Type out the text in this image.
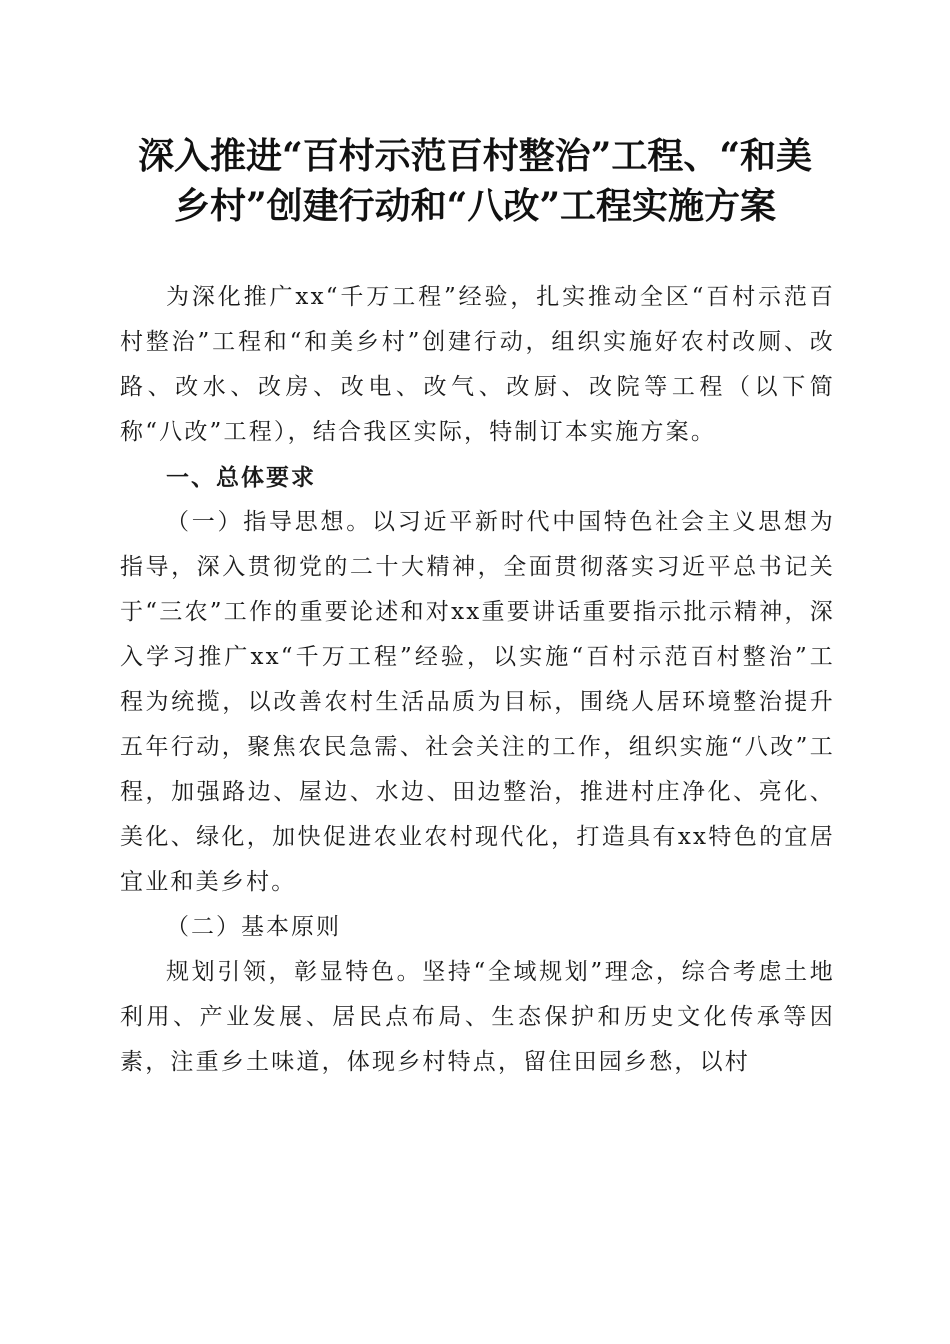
深入推进“百村示范百村整治”工程、“和美
乡村”创建行动和“八改”工程实施方案

为深化推广xx“千万工程”经验，扎实推动全区“百村示范百村整治”工程和“和美乡村”创建行动，组织实施好农村改厕、改路、改水、改房、改电、改气、改厨、改院等工程（以下简称“八改”工程），结合我区实际，特制订本实施方案。

一、总体要求

（一）指导思想。以习近平新时代中国特色社会主义思想为指导，深入贯彻党的二十大精神，全面贯彻落实习近平总书记关于“三农”工作的重要论述和对xx重要讲话重要指示批示精神，深入学习推广xx“千万工程”经验，以实施“百村示范百村整治”工程为统揽，以改善农村生活品质为目标，围绕人居环境整治提升五年行动，聚焦农民急需、社会关注的工作，组织实施“八改”工程，加强路边、屋边、水边、田边整治，推进村庄净化、亮化、美化、绿化，加快促进农业农村现代化，打造具有xx特色的宜居宜业和美乡村。

（二）基本原则

规划引领，彰显特色。坚持“全域规划”理念，综合考虑土地利用、产业发展、居民点布局、生态保护和历史文化传承等因素，注重乡土味道，体现乡村特点，留住田园乡愁，以村
